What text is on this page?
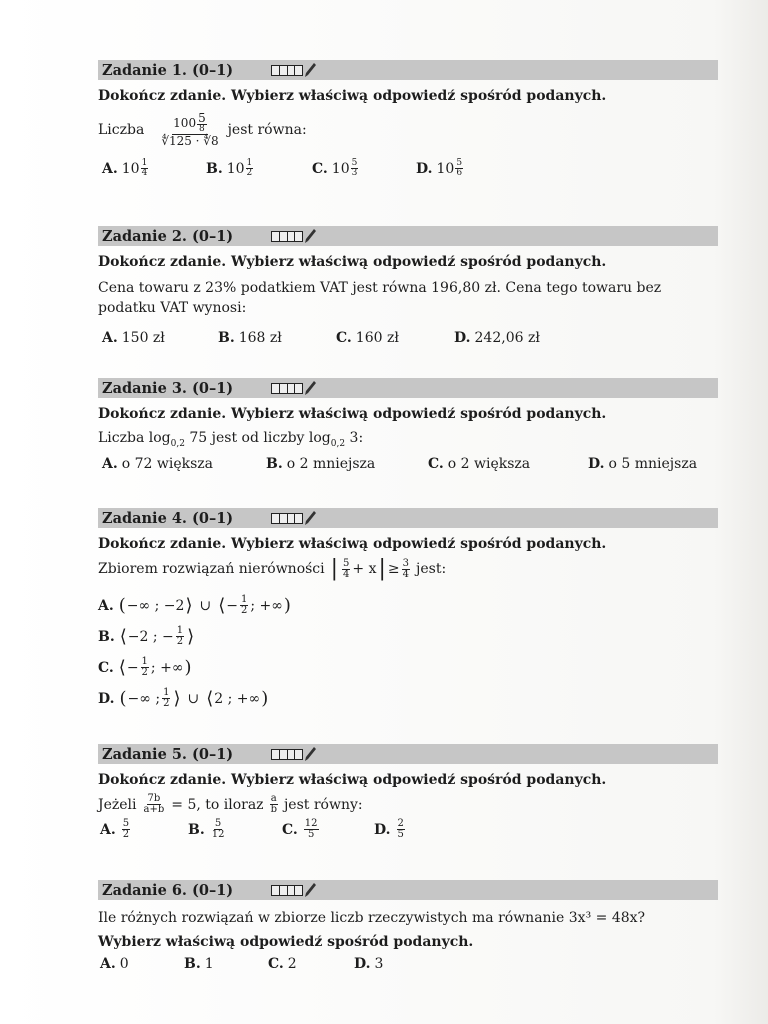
Zadanie 1. (0–1)
Dokończ zdanie. Wybierz właściwą odpowiedź spośród podanych.
Liczba $\frac{100 \frac{5}{8}}{∜125 \cdot ∜8}$ jest równa:
A. $10 \frac{1}{4}$	B. $10 \frac{1}{2}$	C. $10 \frac{5}{3}$	D. $10 \frac{5}{6}$
Zadanie 2. (0–1)
Dokończ zdanie. Wybierz właściwą odpowiedź spośród podanych.
Cena towaru z 23% podatkiem VAT jest równa 196,80 zł. Cena tego towaru bez podatku VAT wynosi:
A. 150 zł	B. 168 zł	C. 160 zł	D. 242,06 zł
Zadanie 3. (0–1)
Dokończ zdanie. Wybierz właściwą odpowiedź spośród podanych.
Liczba $\log_{0,2} 75$ jest od liczby $\log_{0,2} 3$:
A. o 72 większa	B. o 2 mniejsza	C. o 2 większa	D. o 5 mniejsza
Zadanie 4. (0–1)
Dokończ zdanie. Wybierz właściwą odpowiedź spośród podanych.
Zbiorem rozwiązań nierówności | $\frac{5}{4} + x$ | ≥ $\frac{3}{4}$ jest:
A. ( −∞ ; −2 ⟩ ∪ ⟨ − $\frac{1}{2}$ ; +∞ )
B. ⟨ −2 ; − $\frac{1}{2}$ ⟩
C. ⟨ − $\frac{1}{2}$ ; +∞ )
D. ( −∞ ; $\frac{1}{2}$ ⟩ ∪ ⟨ 2 ; +∞ )
Zadanie 5. (0–1)
Dokończ zdanie. Wybierz właściwą odpowiedź spośród podanych.
Jeżeli $\frac{7b}{a+b} = 5$, to iloraz $\frac{a}{b}$ jest równy:
A. $\frac{5}{2}$	B. $\frac{5}{12}$	C. $\frac{12}{5}$	D. $\frac{2}{5}$
Zadanie 6. (0–1)
Ile różnych rozwiązań w zbiorze liczb rzeczywistych ma równanie 3x³ = 48x?
Wybierz właściwą odpowiedź spośród podanych.
A. 0	B. 1	C. 2	D. 3
